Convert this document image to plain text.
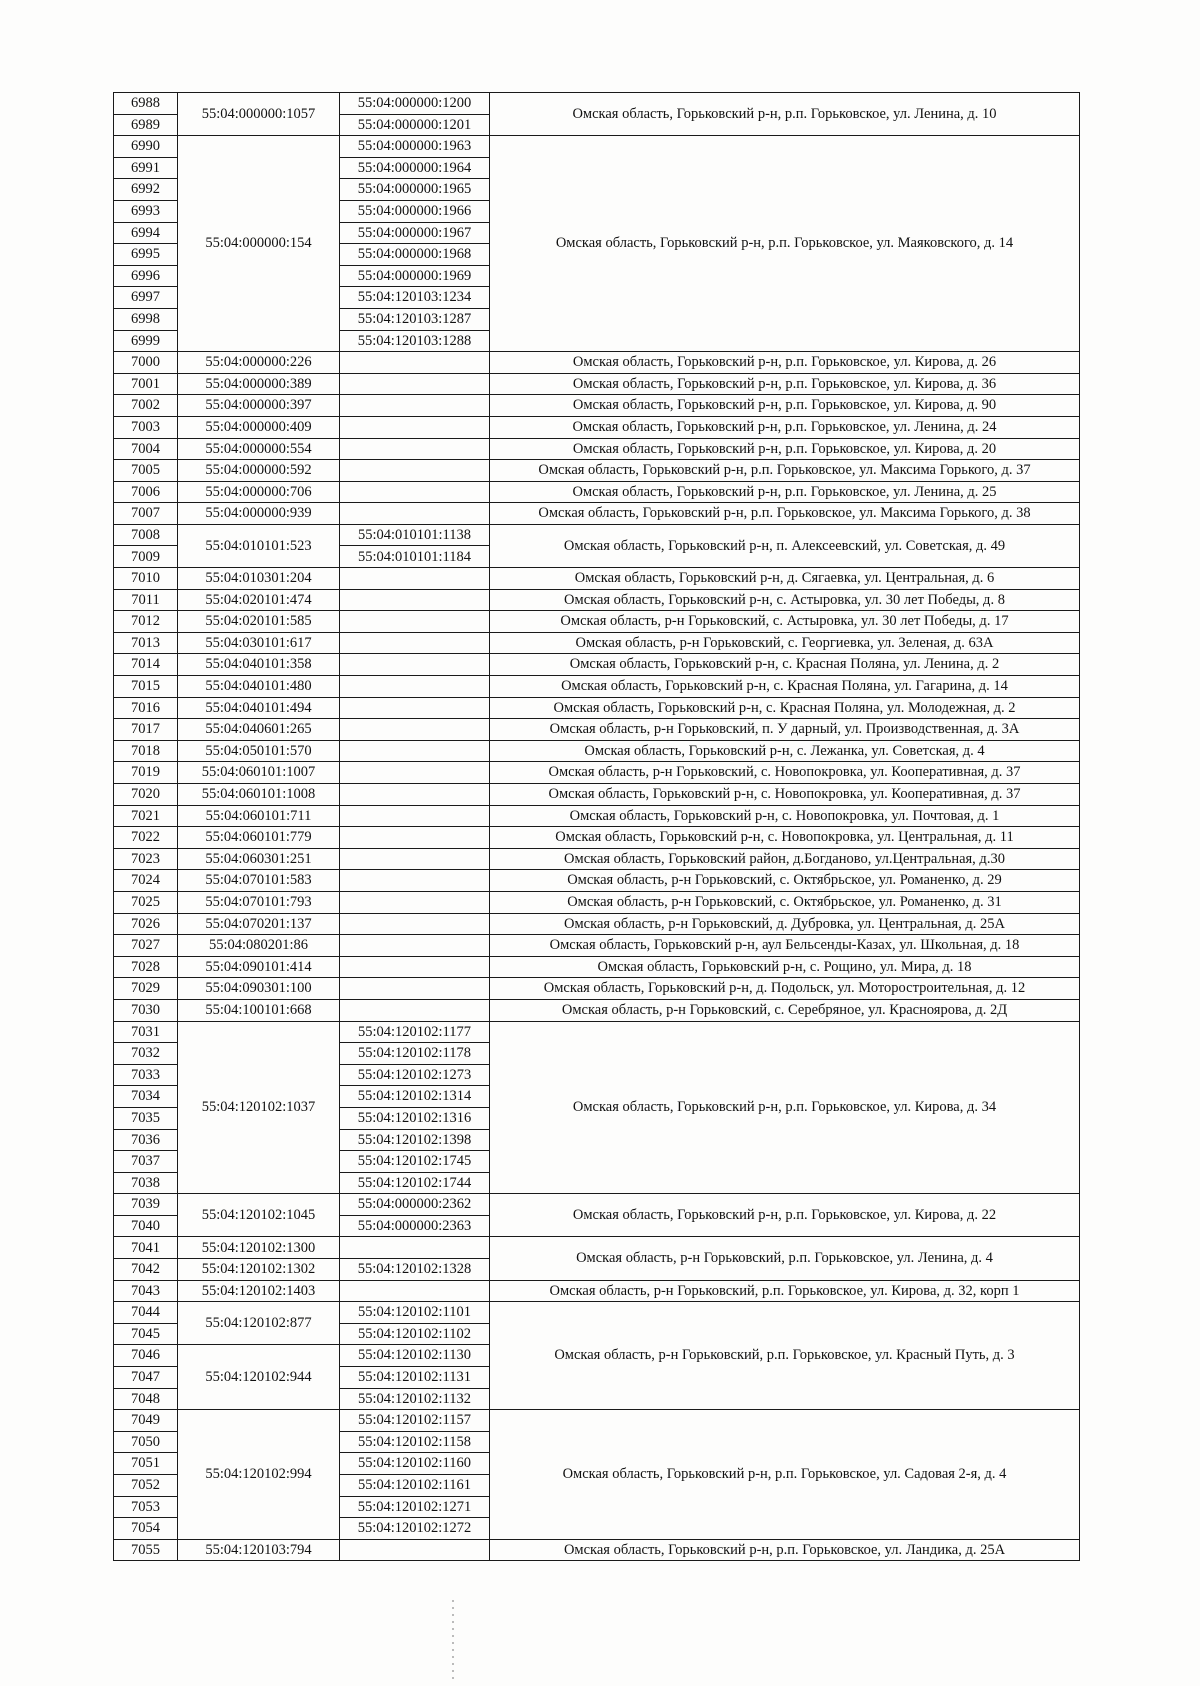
6988	55:04:000000:1057	55:04:000000:1200	Омская область, Горьковский р-н, р.п. Горьковское, ул. Ленина, д. 10
6989		55:04:000000:1201	
6990	55:04:000000:154	55:04:000000:1963	Омская область, Горьковский р-н, р.п. Горьковское, ул. Маяковского, д. 14
6991		55:04:000000:1964	
6992		55:04:000000:1965	
6993		55:04:000000:1966	
6994		55:04:000000:1967	
6995		55:04:000000:1968	
6996		55:04:000000:1969	
6997		55:04:120103:1234	
6998		55:04:120103:1287	
6999		55:04:120103:1288	
7000	55:04:000000:226		Омская область, Горьковский р-н, р.п. Горьковское, ул. Кирова, д. 26
7001	55:04:000000:389		Омская область, Горьковский р-н, р.п. Горьковское, ул. Кирова, д. 36
7002	55:04:000000:397		Омская область, Горьковский р-н, р.п. Горьковское, ул. Кирова, д. 90
7003	55:04:000000:409		Омская область, Горьковский р-н, р.п. Горьковское, ул. Ленина, д. 24
7004	55:04:000000:554		Омская область, Горьковский р-н, р.п. Горьковское, ул. Кирова, д. 20
7005	55:04:000000:592		Омская область, Горьковский р-н, р.п. Горьковское, ул. Максима Горького, д. 37
7006	55:04:000000:706		Омская область, Горьковский р-н, р.п. Горьковское, ул. Ленина, д. 25
7007	55:04:000000:939		Омская область, Горьковский р-н, р.п. Горьковское, ул. Максима Горького, д. 38
7008	55:04:010101:523	55:04:010101:1138	Омская область, Горьковский р-н, п. Алексеевский, ул. Советская, д. 49
7009		55:04:010101:1184	
7010	55:04:010301:204		Омская область, Горьковский р-н, д. Сягаевка, ул. Центральная, д. 6
7011	55:04:020101:474		Омская область, Горьковский р-н, с. Астыровка, ул. 30 лет Победы, д. 8
7012	55:04:020101:585		Омская область, р-н Горьковский, с. Астыровка, ул. 30 лет Победы, д. 17
7013	55:04:030101:617		Омская область, р-н Горьковский, с. Георгиевка, ул. Зеленая, д. 63А
7014	55:04:040101:358		Омская область, Горьковский р-н, с. Красная Поляна, ул. Ленина, д. 2
7015	55:04:040101:480		Омская область, Горьковский р-н, с. Красная Поляна, ул. Гагарина, д. 14
7016	55:04:040101:494		Омская область, Горьковский р-н, с. Красная Поляна, ул. Молодежная, д. 2
7017	55:04:040601:265		Омская область, р-н Горьковский, п. У дарный, ул. Производственная, д. 3А
7018	55:04:050101:570		Омская область, Горьковский р-н, с. Лежанка, ул. Советская, д. 4
7019	55:04:060101:1007		Омская область, р-н Горьковский, с. Новопокровка, ул. Кооперативная, д. 37
7020	55:04:060101:1008		Омская область, Горьковский р-н, с. Новопокровка, ул. Кооперативная, д. 37
7021	55:04:060101:711		Омская область, Горьковский р-н, с. Новопокровка, ул. Почтовая, д. 1
7022	55:04:060101:779		Омская область, Горьковский р-н, с. Новопокровка, ул. Центральная, д. 11
7023	55:04:060301:251		Омская область, Горьковский район, д.Богданово, ул.Центральная, д.30
7024	55:04:070101:583		Омская область, р-н Горьковский, с. Октябрьское, ул. Романенко, д. 29
7025	55:04:070101:793		Омская область, р-н Горьковский, с. Октябрьское, ул. Романенко, д. 31
7026	55:04:070201:137		Омская область, р-н Горьковский, д. Дубровка, ул. Центральная, д. 25А
7027	55:04:080201:86		Омская область, Горьковский р-н, аул Бельсенды-Казах, ул. Школьная, д. 18
7028	55:04:090101:414		Омская область, Горьковский р-н, с. Рощино, ул. Мира, д. 18
7029	55:04:090301:100		Омская область, Горьковский р-н, д. Подольск, ул. Моторостроительная, д. 12
7030	55:04:100101:668		Омская область, р-н Горьковский, с. Серебряное, ул. Красноярова, д. 2Д
7031	55:04:120102:1037	55:04:120102:1177	Омская область, Горьковский р-н, р.п. Горьковское, ул. Кирова, д. 34
7032		55:04:120102:1178	
7033		55:04:120102:1273	
7034		55:04:120102:1314	
7035		55:04:120102:1316	
7036		55:04:120102:1398	
7037		55:04:120102:1745	
7038		55:04:120102:1744	
7039	55:04:120102:1045	55:04:000000:2362	Омская область, Горьковский р-н, р.п. Горьковское, ул. Кирова, д. 22
7040		55:04:000000:2363	
7041	55:04:120102:1300		Омская область, р-н Горьковский, р.п. Горьковское, ул. Ленина, д. 4
7042	55:04:120102:1302	55:04:120102:1328	
7043	55:04:120102:1403		Омская область, р-н Горьковский, р.п. Горьковское, ул. Кирова, д. 32, корп 1
7044	55:04:120102:877	55:04:120102:1101	Омская область, р-н Горьковский, р.п. Горьковское, ул. Красный Путь, д. 3
7045		55:04:120102:1102	
7046	55:04:120102:944	55:04:120102:1130	
7047		55:04:120102:1131	
7048		55:04:120102:1132	
7049	55:04:120102:994	55:04:120102:1157	Омская область, Горьковский р-н, р.п. Горьковское, ул. Садовая 2-я, д. 4
7050		55:04:120102:1158	
7051		55:04:120102:1160	
7052		55:04:120102:1161	
7053		55:04:120102:1271	
7054		55:04:120102:1272	
7055	55:04:120103:794		Омская область, Горьковский р-н, р.п. Горьковское, ул. Ландика, д. 25А
